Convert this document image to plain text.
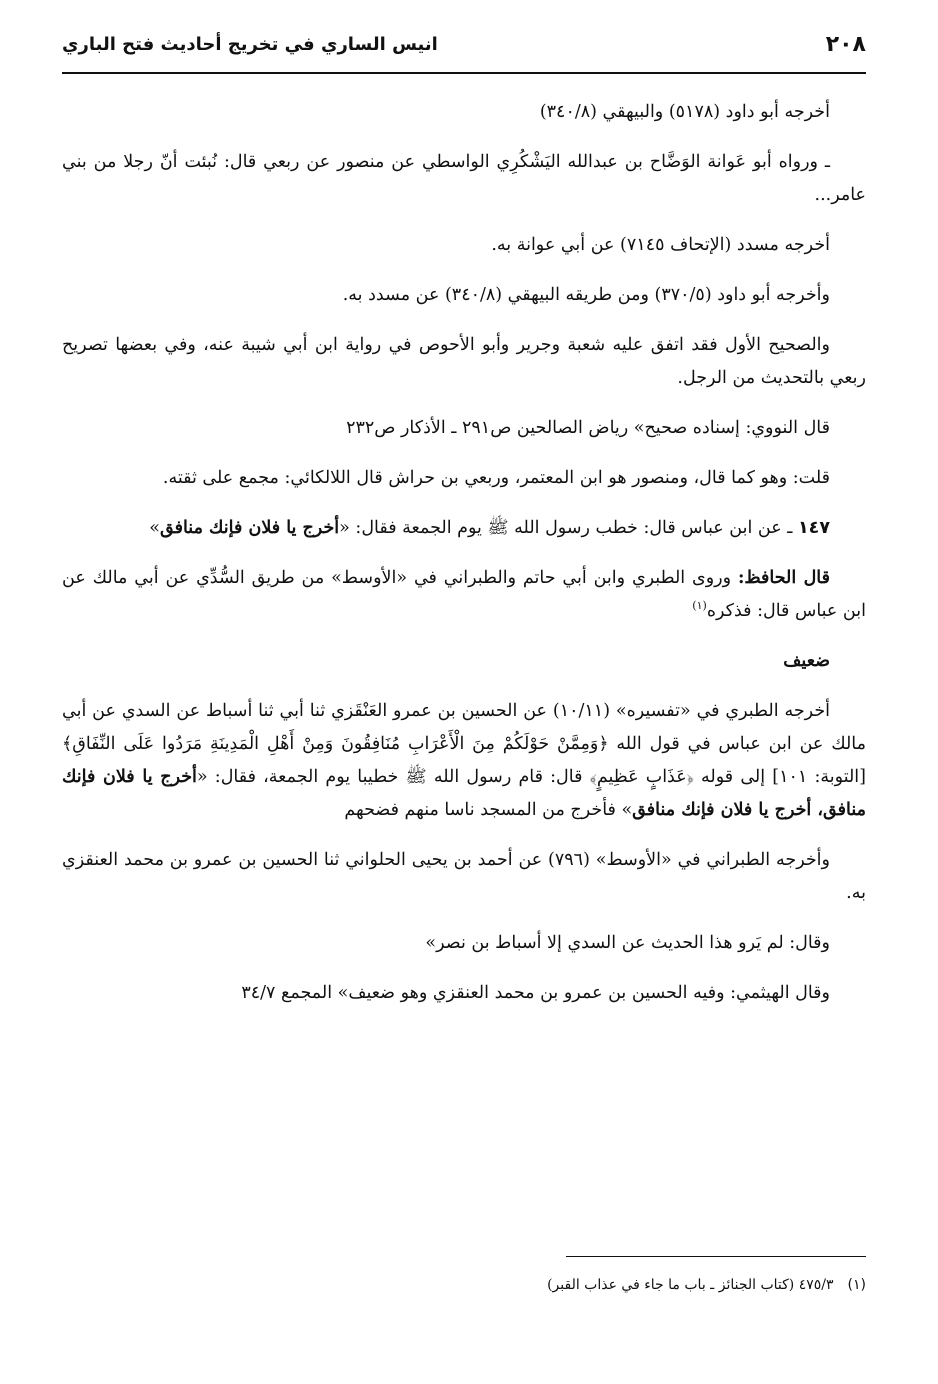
٢٠٨
انيس الساري في تخريج أحاديث فتح الباري

أخرجه أبو داود (٥١٧٨) والبيهقي (٣٤٠/٨)

ـ ورواه أبو عَوانة الوَضَّاح بن عبدالله اليَشْكُرِي الواسطي عن منصور عن ربعي قال: نُبئت أنّ رجلا من بني عامر...

أخرجه مسدد (الإتحاف ٧١٤٥) عن أبي عوانة به.

وأخرجه أبو داود (٣٧٠/٥) ومن طريقه البيهقي (٣٤٠/٨) عن مسدد به.

والصحيح الأول فقد اتفق عليه شعبة وجرير وأبو الأحوص في رواية ابن أبي شيبة عنه، وفي بعضها تصريح ربعي بالتحديث من الرجل.

قال النووي: إسناده صحيح» رياض الصالحين ص٢٩١ ـ الأذكار ص٢٣٢

قلت: وهو كما قال، ومنصور هو ابن المعتمر، وربعي بن حراش قال اللالكائي: مجمع على ثقته.

١٤٧ ـ عن ابن عباس قال: خطب رسول الله ﷺ يوم الجمعة فقال: «أخرج يا فلان فإنك منافق»

قال الحافظ: وروى الطبري وابن أبي حاتم والطبراني في «الأوسط» من طريق السُّدِّي عن أبي مالك عن ابن عباس قال: فذكره$^{(١)}$

ضعيف

أخرجه الطبري في «تفسيره» (١٠/١١) عن الحسين بن عمرو العَنْقَزي ثنا أبي ثنا أسباط عن السدي عن أبي مالك عن ابن عباس في قول الله ﴿وَمِمَّنْ حَوْلَكُمْ مِنَ الْأَعْرَابِ مُنَافِقُونَ وَمِنْ أَهْلِ الْمَدِينَةِ مَرَدُوا عَلَى النِّفَاقِ﴾ [التوبة: ١٠١] إلى قوله ﴿عَذَابٍ عَظِيمٍ﴾ قال: قام رسول الله ﷺ خطيبا يوم الجمعة، فقال: «أخرج يا فلان فإنك منافق، أخرج يا فلان فإنك منافق» فأخرج من المسجد ناسا منهم فضحهم

وأخرجه الطبراني في «الأوسط» (٧٩٦) عن أحمد بن يحيى الحلواني ثنا الحسين بن عمرو بن محمد العنقزي به.

وقال: لم يَرو هذا الحديث عن السدي إلا أسباط بن نصر»

وقال الهيثمي: وفيه الحسين بن عمرو بن محمد العنقزي وهو ضعيف» المجمع ٣٤/٧

(١)٤٧٥/٣ (كتاب الجنائز ـ باب ما جاء في عذاب القبر)
